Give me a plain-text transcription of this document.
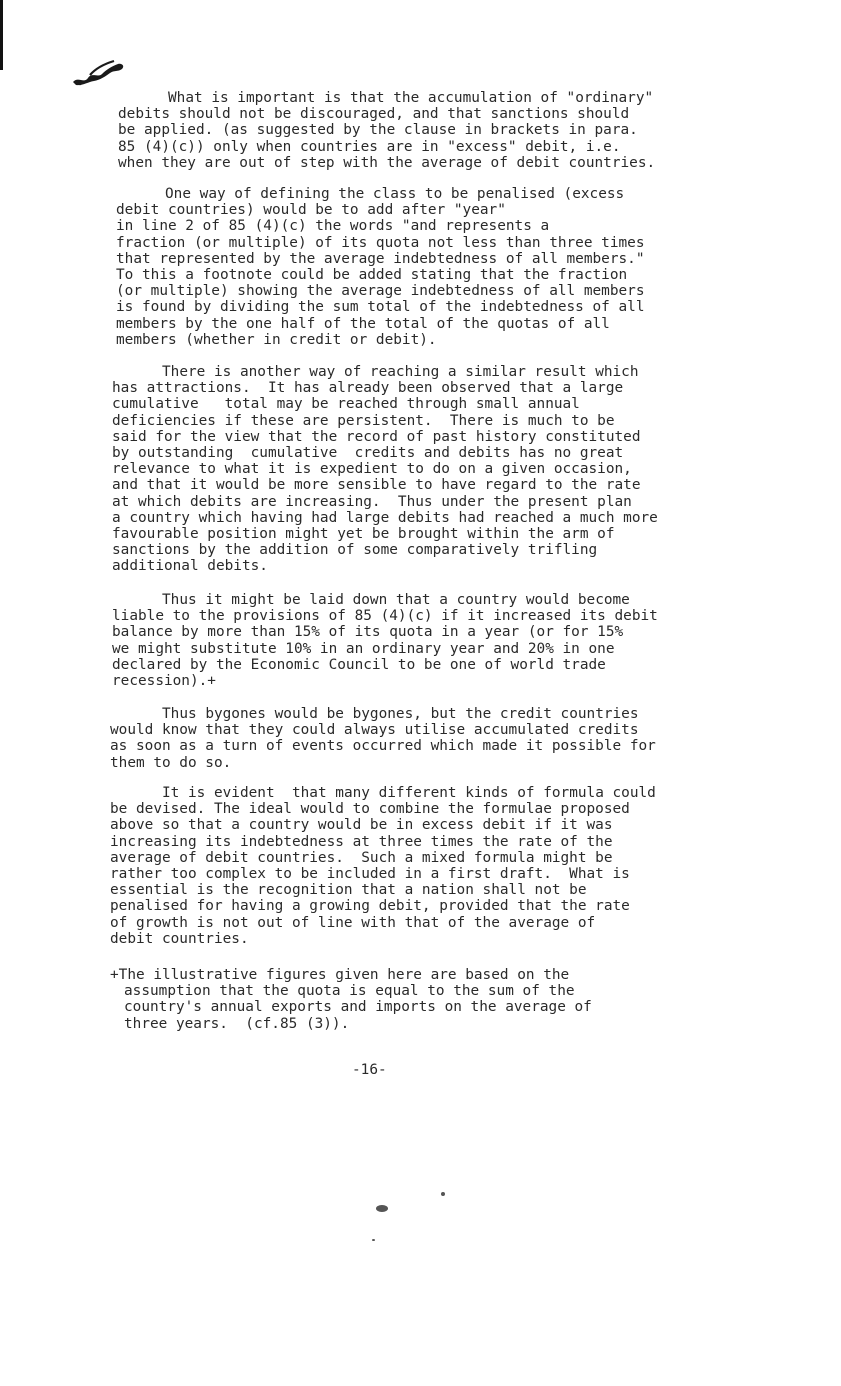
What is important is that the accumulation of "ordinary"
debits should not be discouraged, and that sanctions should
be applied. (as suggested by the clause in brackets in para.
85 (4)(c)) only when countries are in "excess" debit, i.e.
when they are out of step with the average of debit countries.
One way of defining the class to be penalised (excess
debit countries) would be to add after "year"
in line 2 of 85 (4)(c) the words "and represents a
fraction (or multiple) of its quota not less than three times
that represented by the average indebtedness of all members."
To this a footnote could be added stating that the fraction
(or multiple) showing the average indebtedness of all members
is found by dividing the sum total of the indebtedness of all
members by the one half of the total of the quotas of all
members (whether in credit or debit).
There is another way of reaching a similar result which
has attractions.  It has already been observed that a large
cumulative   total may be reached through small annual
deficiencies if these are persistent.  There is much to be
said for the view that the record of past history constituted
by outstanding  cumulative  credits and debits has no great
relevance to what it is expedient to do on a given occasion,
and that it would be more sensible to have regard to the rate
at which debits are increasing.  Thus under the present plan
a country which having had large debits had reached a much more
favourable position might yet be brought within the arm of
sanctions by the addition of some comparatively trifling
additional debits.
Thus it might be laid down that a country would become
liable to the provisions of 85 (4)(c) if it increased its debit
balance by more than 15% of its quota in a year (or for 15%
we might substitute 10% in an ordinary year and 20% in one
declared by the Economic Council to be one of world trade
recession).+
Thus bygones would be bygones, but the credit countries
would know that they could always utilise accumulated credits
as soon as a turn of events occurred which made it possible for
them to do so.
It is evident  that many different kinds of formula could
be devised. The ideal would to combine the formulae proposed
above so that a country would be in excess debit if it was
increasing its indebtedness at three times the rate of the
average of debit countries.  Such a mixed formula might be
rather too complex to be included in a first draft.  What is
essential is the recognition that a nation shall not be
penalised for having a growing debit, provided that the rate
of growth is not out of line with that of the average of
debit countries.
+The illustrative figures given here are based on the
assumption that the quota is equal to the sum of the
country's annual exports and imports on the average of
three years.  (cf.85 (3)).
-16-
